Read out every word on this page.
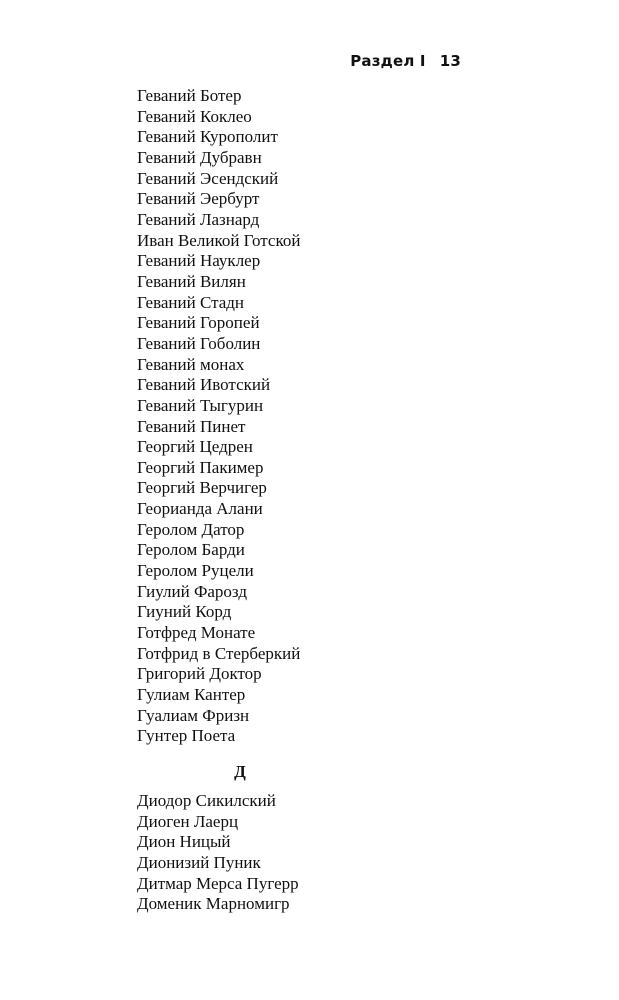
Раздел I 13
Геваний Ботер
Геваний Коклео
Геваний Курополит
Геваний Дубравн
Геваний Эсендский
Геваний Эербурт
Геваний Лазнард
Иван Великой Готской
Геваний Науклер
Геваний Вилян
Геваний Стадн
Геваний Горопей
Геваний Гоболин
Геваний монах
Геваний Ивотский
Геваний Тыгурин
Геваний Пинет
Георгий Цедрен
Георгий Пакимер
Георгий Верчигер
Геориандa Алани
Геролом Датор
Геролом Барди
Геролом Руцели
Гиулий Фарозд
Гиуний Корд
Готфред Монате
Готфрид в Стерберкий
Григорий Доктор
Гулиам Кантер
Гуалиам Фризн
Гунтер Поета
Д
Диодор Сикилский
Диоген Лаерц
Дион Ницый
Дионизий Пуник
Дитмар Мерса Пугерр
Доменик Марномигр
